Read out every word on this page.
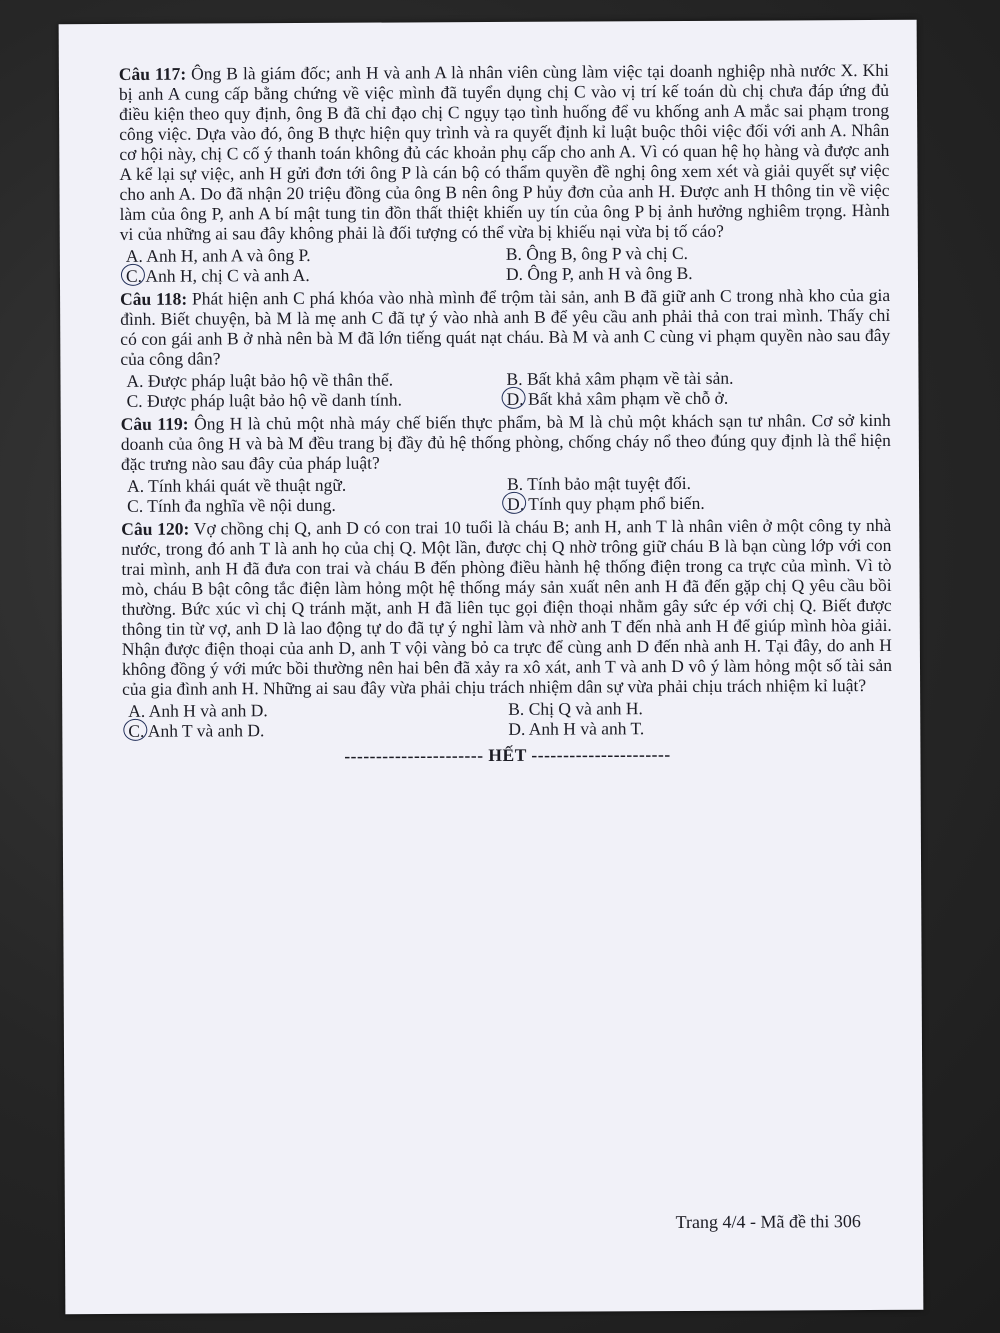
Câu 117: Ông B là giám đốc; anh H và anh A là nhân viên cùng làm việc tại doanh nghiệp nhà nước X. Khi bị anh A cung cấp bằng chứng về việc mình đã tuyển dụng chị C vào vị trí kế toán dù chị chưa đáp ứng đủ điều kiện theo quy định, ông B đã chỉ đạo chị C ngụy tạo tình huống để vu khống anh A mắc sai phạm trong công việc. Dựa vào đó, ông B thực hiện quy trình và ra quyết định kỉ luật buộc thôi việc đối với anh A. Nhân cơ hội này, chị C cố ý thanh toán không đủ các khoản phụ cấp cho anh A. Vì có quan hệ họ hàng và được anh A kể lại sự việc, anh H gửi đơn tới ông P là cán bộ có thẩm quyền đề nghị ông xem xét và giải quyết sự việc cho anh A. Do đã nhận 20 triệu đồng của ông B nên ông P hủy đơn của anh H. Được anh H thông tin về việc làm của ông P, anh A bí mật tung tin đồn thất thiệt khiến uy tín của ông P bị ảnh hưởng nghiêm trọng. Hành vi của những ai sau đây không phải là đối tượng có thể vừa bị khiếu nại vừa bị tố cáo?
A. Anh H, anh A và ông P.	B. Ông B, ông P và chị C.
C. Anh H, chị C và anh A.	D. Ông P, anh H và ông B.
Câu 118: Phát hiện anh C phá khóa vào nhà mình để trộm tài sản, anh B đã giữ anh C trong nhà kho của gia đình. Biết chuyện, bà M là mẹ anh C đã tự ý vào nhà anh B để yêu cầu anh phải thả con trai mình. Thấy chỉ có con gái anh B ở nhà nên bà M đã lớn tiếng quát nạt cháu. Bà M và anh C cùng vi phạm quyền nào sau đây của công dân?
A. Được pháp luật bảo hộ về thân thể.	B. Bất khả xâm phạm về tài sản.
C. Được pháp luật bảo hộ về danh tính.	D. Bất khả xâm phạm về chỗ ở.
Câu 119: Ông H là chủ một nhà máy chế biến thực phẩm, bà M là chủ một khách sạn tư nhân. Cơ sở kinh doanh của ông H và bà M đều trang bị đầy đủ hệ thống phòng, chống cháy nổ theo đúng quy định là thể hiện đặc trưng nào sau đây của pháp luật?
A. Tính khái quát về thuật ngữ.	B. Tính bảo mật tuyệt đối.
C. Tính đa nghĩa về nội dung.	D. Tính quy phạm phổ biến.
Câu 120: Vợ chồng chị Q, anh D có con trai 10 tuổi là cháu B; anh H, anh T là nhân viên ở một công ty nhà nước, trong đó anh T là anh họ của chị Q. Một lần, được chị Q nhờ trông giữ cháu B là bạn cùng lớp với con trai mình, anh H đã đưa con trai và cháu B đến phòng điều hành hệ thống điện trong ca trực của mình. Vì tò mò, cháu B bật công tắc điện làm hỏng một hệ thống máy sản xuất nên anh H đã đến gặp chị Q yêu cầu bồi thường. Bức xúc vì chị Q tránh mặt, anh H đã liên tục gọi điện thoại nhằm gây sức ép với chị Q. Biết được thông tin từ vợ, anh D là lao động tự do đã tự ý nghỉ làm và nhờ anh T đến nhà anh H để giúp mình hòa giải. Nhận được điện thoại của anh D, anh T vội vàng bỏ ca trực để cùng anh D đến nhà anh H. Tại đây, do anh H không đồng ý với mức bồi thường nên hai bên đã xảy ra xô xát, anh T và anh D vô ý làm hỏng một số tài sản của gia đình anh H. Những ai sau đây vừa phải chịu trách nhiệm dân sự vừa phải chịu trách nhiệm kỉ luật?
A. Anh H và anh D.	B. Chị Q và anh H.
C. Anh T và anh D.	D. Anh H và anh T.
---------------------- HẾT ----------------------
Trang 4/4 - Mã đề thi 306
